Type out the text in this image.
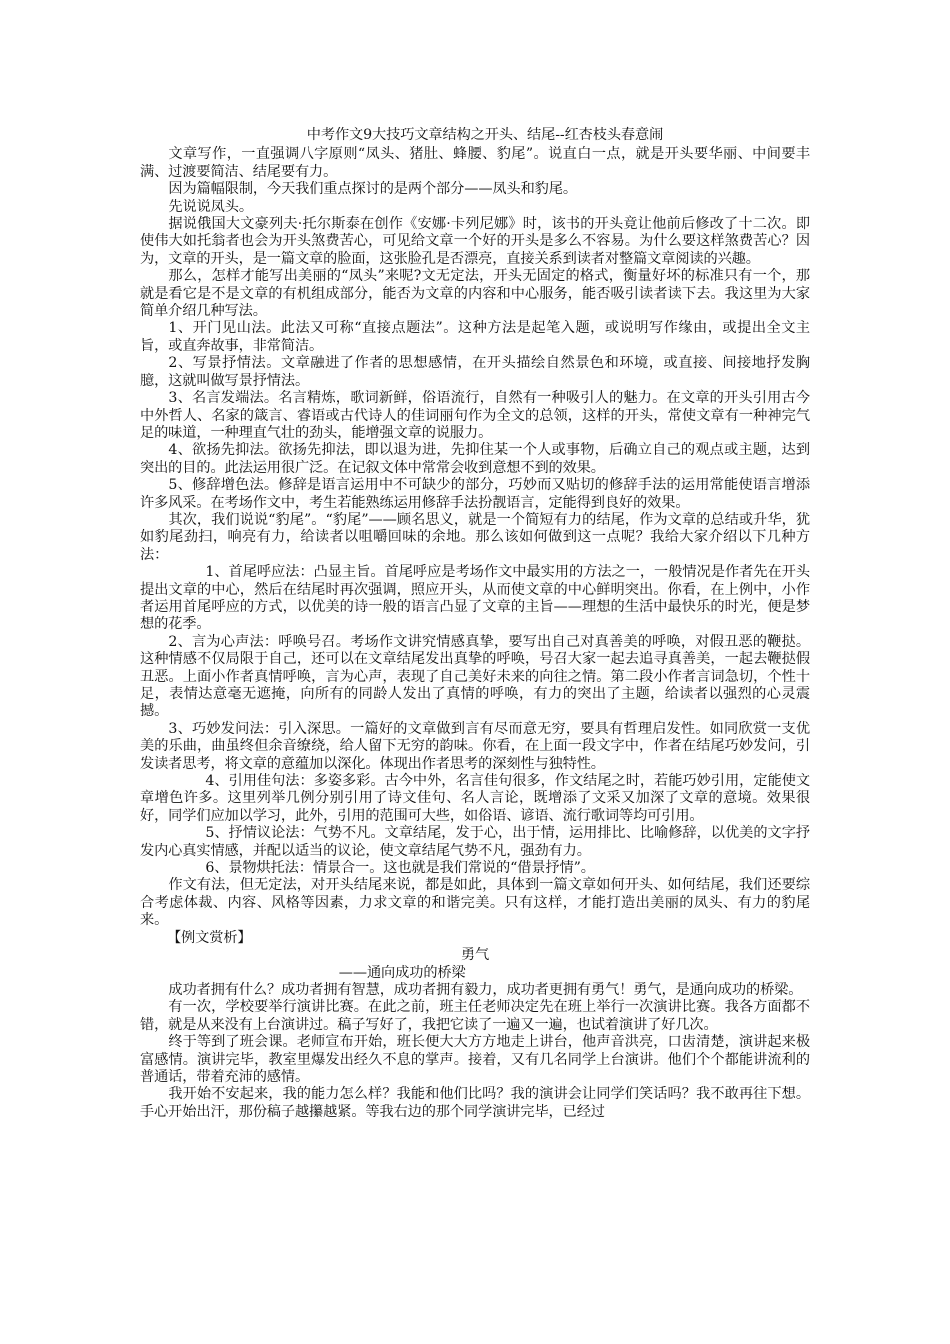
中考作文9大技巧文章结构之开头、结尾--红杏枝头春意闹

文章写作，一直强调八字原则“凤头、猪肚、蜂腰、豹尾”。说直白一点，就是开头要华丽、中间要丰满、过渡要简洁、结尾要有力。

因为篇幅限制，今天我们重点探讨的是两个部分——凤头和豹尾。

先说说凤头。

据说俄国大文豪列夫·托尔斯泰在创作《安娜·卡列尼娜》时，该书的开头竟让他前后修改了十二次。即使伟大如托翁者也会为开头煞费苦心，可见给文章一个好的开头是多么不容易。为什么要这样煞费苦心？因为，文章的开头，是一篇文章的脸面，这张脸孔是否漂亮，直接关系到读者对整篇文章阅读的兴趣。

那么，怎样才能写出美丽的“凤头”来呢?文无定法，开头无固定的格式，衡量好坏的标准只有一个，那就是看它是不是文章的有机组成部分，能否为文章的内容和中心服务，能否吸引读者读下去。我这里为大家简单介绍几种写法。

1、开门见山法。此法又可称“直接点题法”。这种方法是起笔入题，或说明写作缘由，或提出全文主旨，或直奔故事，非常简洁。

2、写景抒情法。文章融进了作者的思想感情，在开头描绘自然景色和环境，或直接、间接地抒发胸臆，这就叫做写景抒情法。

3、名言发端法。名言精炼，歌词新鲜，俗语流行，自然有一种吸引人的魅力。在文章的开头引用古今中外哲人、名家的箴言、睿语或古代诗人的佳词丽句作为全文的总领，这样的开头，常使文章有一种神完气足的味道，一种理直气壮的劲头，能增强文章的说服力。

4、欲扬先抑法。欲扬先抑法，即以退为进，先抑住某一个人或事物，后确立自己的观点或主题，达到突出的目的。此法运用很广泛。在记叙文体中常常会收到意想不到的效果。

5、修辞增色法。修辞是语言运用中不可缺少的部分，巧妙而又贴切的修辞手法的运用常能使语言增添许多风采。在考场作文中，考生若能熟练运用修辞手法扮靓语言，定能得到良好的效果。

其次，我们说说“豹尾”。“豹尾”——顾名思义，就是一个简短有力的结尾，作为文章的总结或升华，犹如豹尾劲扫，响亮有力，给读者以咀嚼回味的余地。那么该如何做到这一点呢？我给大家介绍以下几种方法：

1、首尾呼应法：凸显主旨。首尾呼应是考场作文中最实用的方法之一，一般情况是作者先在开头提出文章的中心，然后在结尾时再次强调，照应开头，从而使文章的中心鲜明突出。你看，在上例中，小作者运用首尾呼应的方式，以优美的诗一般的语言凸显了文章的主旨——理想的生活中最快乐的时光，便是梦想的花季。

2、言为心声法：呼唤号召。考场作文讲究情感真挚，要写出自己对真善美的呼唤，对假丑恶的鞭挞。这种情感不仅局限于自己，还可以在文章结尾发出真挚的呼唤，号召大家一起去追寻真善美，一起去鞭挞假丑恶。上面小作者真情呼唤，言为心声，表现了自己美好未来的向往之情。第二段小作者言词急切，个性十足，表情达意毫无遮掩，向所有的同龄人发出了真情的呼唤，有力的突出了主题，给读者以强烈的心灵震撼。

3、巧妙发问法：引入深思。一篇好的文章做到言有尽而意无穷，要具有哲理启发性。如同欣赏一支优美的乐曲，曲虽终但余音缭绕，给人留下无穷的韵味。你看，在上面一段文字中，作者在结尾巧妙发问，引发读者思考，将文章的意蕴加以深化。体现出作者思考的深刻性与独特性。

4、引用佳句法：多姿多彩。古今中外，名言佳句很多，作文结尾之时，若能巧妙引用，定能使文章增色许多。这里列举几例分别引用了诗文佳句、名人言论，既增添了文采又加深了文章的意境。效果很好，同学们应加以学习，此外，引用的范围可大些，如俗语、谚语、流行歌词等均可引用。

5、抒情议论法：气势不凡。文章结尾，发于心，出于情，运用排比、比喻修辞，以优美的文字抒发内心真实情感，并配以适当的议论，使文章结尾气势不凡，强劲有力。

6、景物烘托法：情景合一。这也就是我们常说的“借景抒情”。

作文有法，但无定法，对开头结尾来说，都是如此，具体到一篇文章如何开头、如何结尾，我们还要综合考虑体裁、内容、风格等因素，力求文章的和谐完美。只有这样，才能打造出美丽的凤头、有力的豹尾来。

【例文赏析】

勇气

——通向成功的桥梁

成功者拥有什么？成功者拥有智慧，成功者拥有毅力，成功者更拥有勇气！勇气，是通向成功的桥梁。

有一次，学校要举行演讲比赛。在此之前，班主任老师决定先在班上举行一次演讲比赛。我各方面都不错，就是从来没有上台演讲过。稿子写好了，我把它读了一遍又一遍，也试着演讲了好几次。

终于等到了班会课。老师宣布开始，班长便大大方方地走上讲台，他声音洪亮，口齿清楚，演讲起来极富感情。演讲完毕，教室里爆发出经久不息的掌声。接着，又有几名同学上台演讲。他们个个都能讲流利的普通话，带着充沛的感情。

我开始不安起来，我的能力怎么样？我能和他们比吗？我的演讲会让同学们笑话吗？我不敢再往下想。手心开始出汗，那份稿子越攥越紧。等我右边的那个同学演讲完毕，已经过
